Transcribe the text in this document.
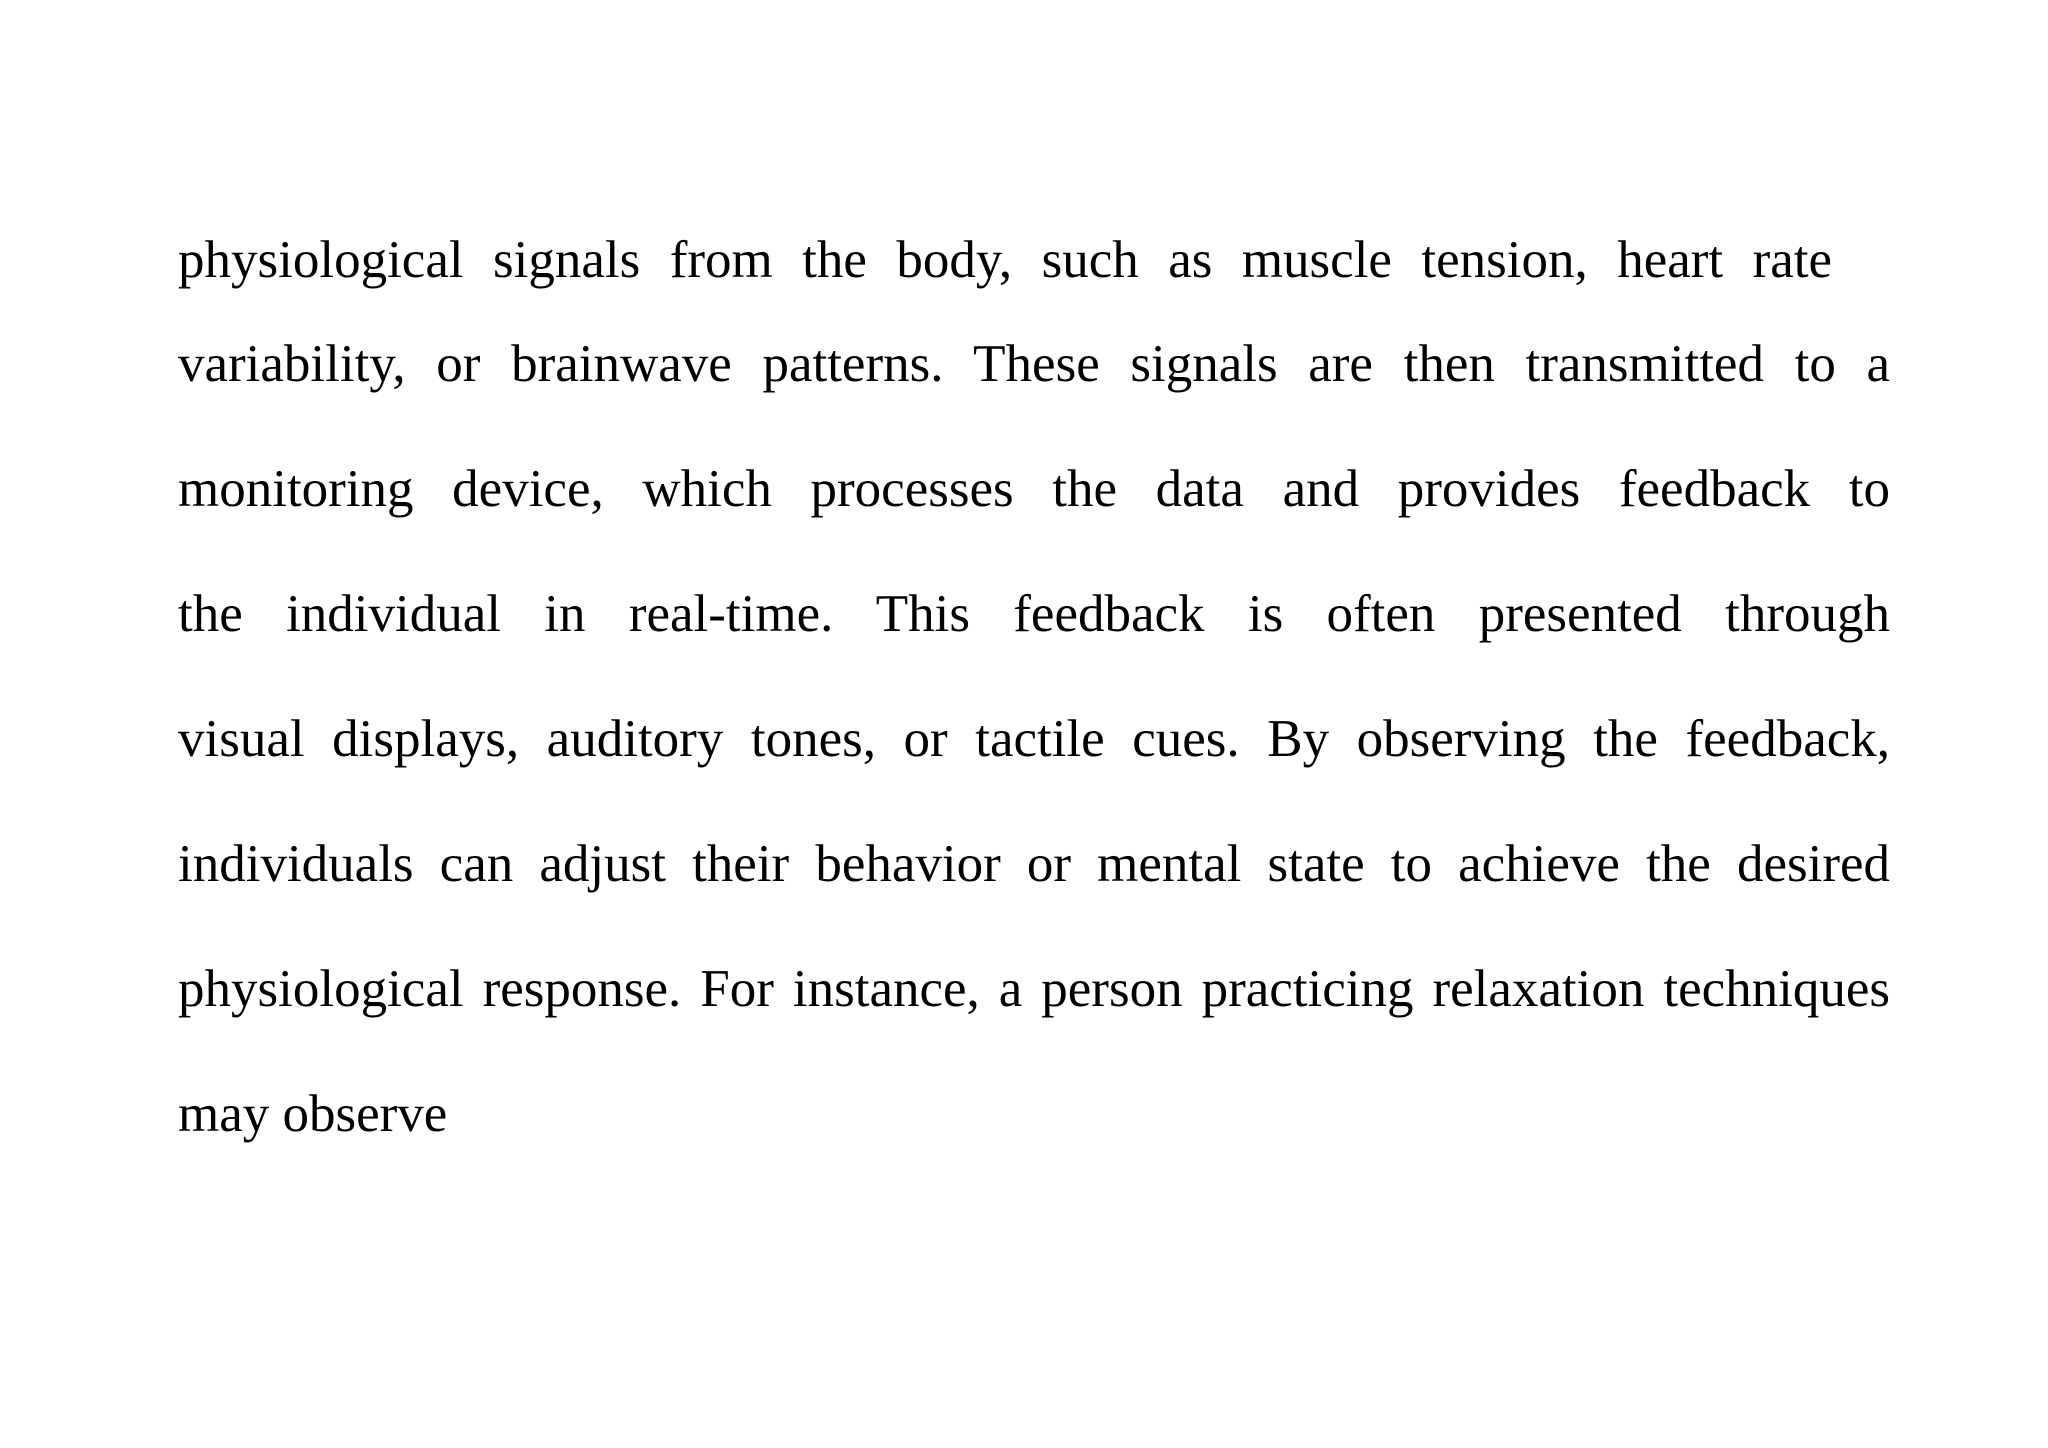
physiological signals from the body, such as muscle tension, heart rate
variability, or brainwave patterns. These signals are then transmitted to a
monitoring device, which processes the data and provides feedback to
the individual in real-time. This feedback is often presented through
visual displays, auditory tones, or tactile cues. By observing the feedback,
individuals can adjust their behavior or mental state to achieve the desired
physiological response. For instance, a person practicing relaxation techniques
may observe
